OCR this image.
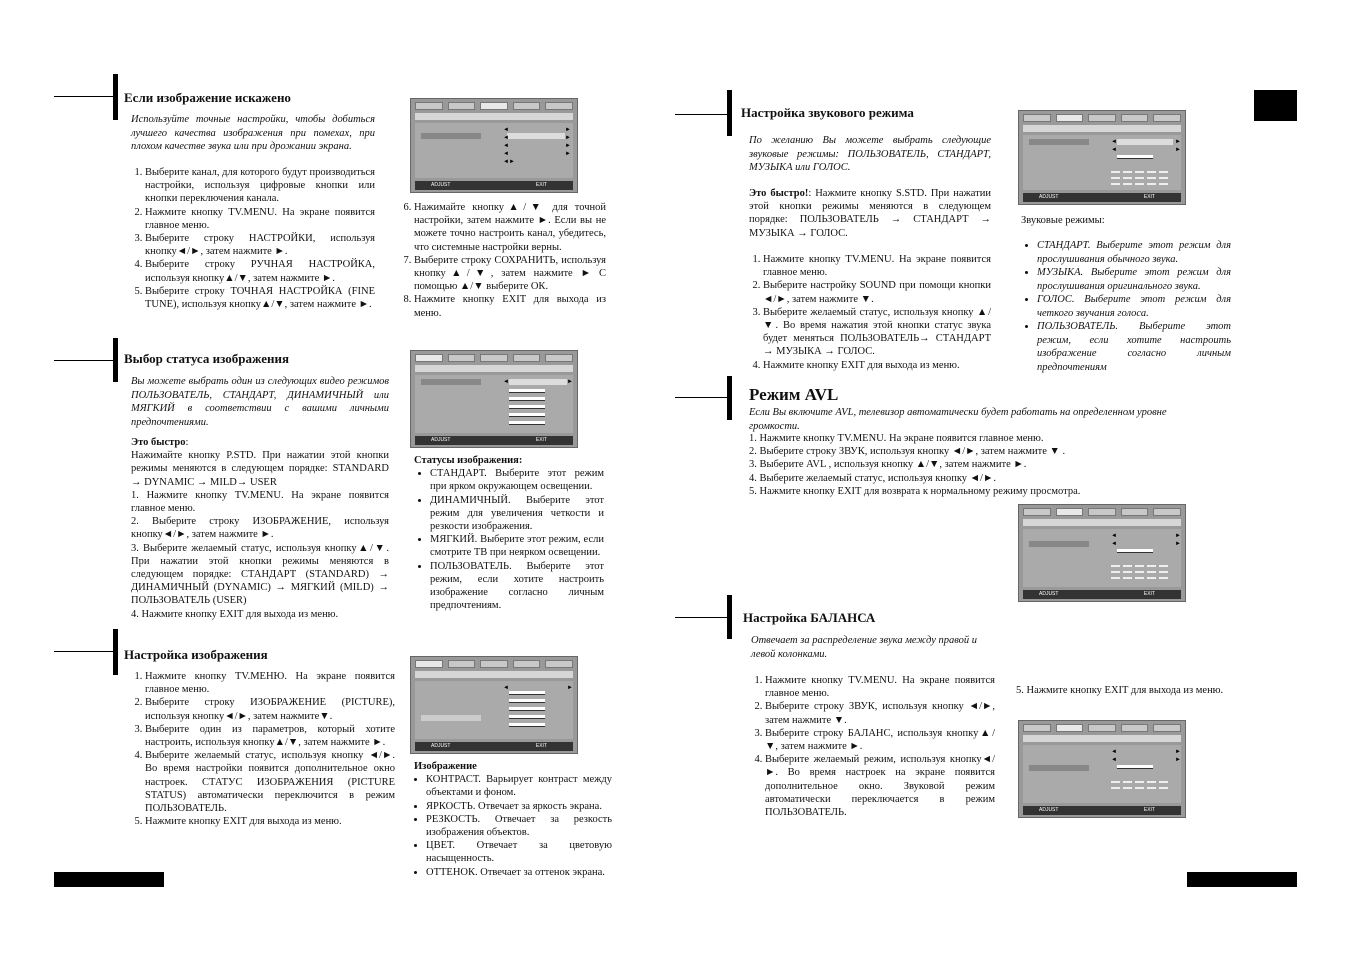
Если изображение искажено
Используйте точные настройки, чтобы добиться лучшего качества изображения при помехах, при плохом качестве звука или при дрожании экрана.
1. Выберите канал, для которого будут производиться настройки, используя цифровые кнопки или кнопки переключения канала.
2. Нажмите кнопку TV.MENU. На экране появится главное меню.
3. Выберите строку НАСТРОЙКИ, используя кнопку◄/►, затем нажмите ►.
4. Выберите строку РУЧНАЯ НАСТРОЙКА, используя кнопку▲/▼, затем нажмите ►.
5. Выберите строку ТОЧНАЯ НАСТРОЙКА (FINE TUNE), используя кнопку▲/▼, затем нажмите ►.
◄	►
◄	►
◄	►
◄	►
◄►
ADJUST	EXIT
6. Нажимайте кнопку▲/▼ для точной настройки, затем нажмите ►. Если вы не можете точно настроить канал, убедитесь, что системные настройки верны.
7. Выберите строку СОХРАНИТЬ, используя кнопку▲/▼, затем нажмите ► С помощью ▲/▼ выберите ОК.
8. Нажмите кнопку EXIT для выхода из меню.
Выбор статуса изображения
Вы можете выбрать один из следующих видео режимов ПОЛЬЗОВАТЕЛЬ, СТАНДАРТ, ДИНАМИЧНЫЙ или МЯГКИЙ в соответствии с вашими личными предпочтениями.

Это быстро:

Нажимайте кнопку P.STD. При нажатии этой кнопки режимы меняются в следующем порядке: STANDARD → DYNAMIC → MILD→ USER

1. Нажмите кнопку TV.MENU. На экране появится главное меню.

2. Выберите строку ИЗОБРАЖЕНИЕ, используя кнопку◄/►, затем нажмите ►.

3. Выберите желаемый статус, используя кнопку▲/▼. При нажатии этой кнопки режимы меняются в следующем порядке: СТАНДАРТ (STANDARD) → ДИНАМИЧНЫЙ (DYNAMIC) → МЯГКИЙ (MILD) → ПОЛЬЗОВАТЕЛЬ (USER)

4. Нажмите кнопку EXIT для выхода из меню.

◄	►
ADJUST	EXIT
Статусы изображения:
• СТАНДАРТ. Выберите этот режим при ярком окружающем освещении.
• ДИНАМИЧНЫЙ. Выберите этот режим для увеличения четкости и резкости изображения.
• МЯГКИЙ. Выберите этот режим, если смотрите ТВ при неярком освещении.
• ПОЛЬЗОВАТЕЛЬ. Выберите этот режим, если хотите настроить изображение согласно личным предпочтениям.
Настройка изображения
1. Нажмите кнопку TV.МЕНЮ. На экране появится главное меню.
2. Выберите строку ИЗОБРАЖЕНИЕ (PICTURE), используя кнопку◄/►, затем нажмите▼.
3. Выберите один из параметров, который хотите настроить, используя кнопку▲/▼, затем нажмите ►.
4. Выберите желаемый статус, используя кнопку ◄/►. Во время настройки появится дополнительное окно настроек. СТАТУС ИЗОБРАЖЕНИЯ (PICTURE STATUS) автоматически переключится в режим ПОЛЬЗОВАТЕЛЬ.
5. Нажмите кнопку EXIT для выхода из меню.
◄	►
ADJUST	EXIT
Изображение
• КОНТРАСТ. Варьирует контраст между объектами и фоном.
• ЯРКОСТЬ. Отвечает за яркость экрана.
• РЕЗКОСТЬ. Отвечает за резкость изображения объектов.
• ЦВЕТ. Отвечает за цветовую насыщенность.
• ОТТЕНОК. Отвечает за оттенок экрана.
Настройка звукового режима
По желанию Вы можете выбрать следующие звуковые режимы: ПОЛЬЗОВАТЕЛЬ, СТАНДАРТ, МУЗЫКА или ГОЛОС.
Это быстро!: Нажмите кнопку S.STD. При нажатии этой кнопки режимы меняются в следующем порядке: ПОЛЬЗОВАТЕЛЬ → СТАНДАРТ → МУЗЫКА → ГОЛОС.
1. Нажмите кнопку TV.MENU. На экране появится главное меню.
2. Выберите настройку SOUND при помощи кнопки ◄/►, затем нажмите ▼.
3. Выберите желаемый статус, используя кнопку ▲/▼. Во время нажатия этой кнопки статус звука будет меняться ПОЛЬЗОВАТЕЛЬ→ СТАНДАРТ → МУЗЫКА → ГОЛОС.
4. Нажмите кнопку EXIT для выхода из меню.
◄	►
◄	►
ADJUST	EXIT
Звуковые режимы:
• СТАНДАРТ. Выберите этот режим для прослушивания обычного звука.
• МУЗЫКА. Выберите этот режим для прослушивания оригинального звука.
• ГОЛОС. Выберите этот режим для четкого звучания голоса.
• ПОЛЬЗОВАТЕЛЬ. Выберите этот режим, если хотите настроить изображение согласно личным предпочтениям
Режим AVL
Если Вы включите AVL, телевизор автоматически будет работать на определенном уровне громкости.

1. Нажмите кнопку TV.MENU. На экране появится главное меню.

2. Выберите строку ЗВУК, используя кнопку ◄/►, затем нажмите ▼ .

3. Выберите AVL , используя кнопку ▲/▼, затем нажмите ►.

4. Выберите желаемый статус, используя кнопку ◄/►.

5. Нажмите кнопку EXIT для возврата к нормальному режиму просмотра.

◄	►
◄	►
ADJUST	EXIT
Настройка БАЛАНСА
Отвечает за распределение звука между правой и левой колонками.
1. Нажмите кнопку TV.MENU. На экране появится главное меню.
2. Выберите строку ЗВУК, используя кнопку ◄/►, затем нажмите ▼.
3. Выберите строку БАЛАНС, используя кнопку▲/▼, затем нажмите ►.
4. Выберите желаемый режим, используя кнопку◄/►. Во время настроек на экране появится дополнительное окно. Звуковой режим автоматически переключается в режим ПОЛЬЗОВАТЕЛЬ.
5. Нажмите кнопку EXIT для выхода из меню.
◄	►
◄	►
ADJUST	EXIT
